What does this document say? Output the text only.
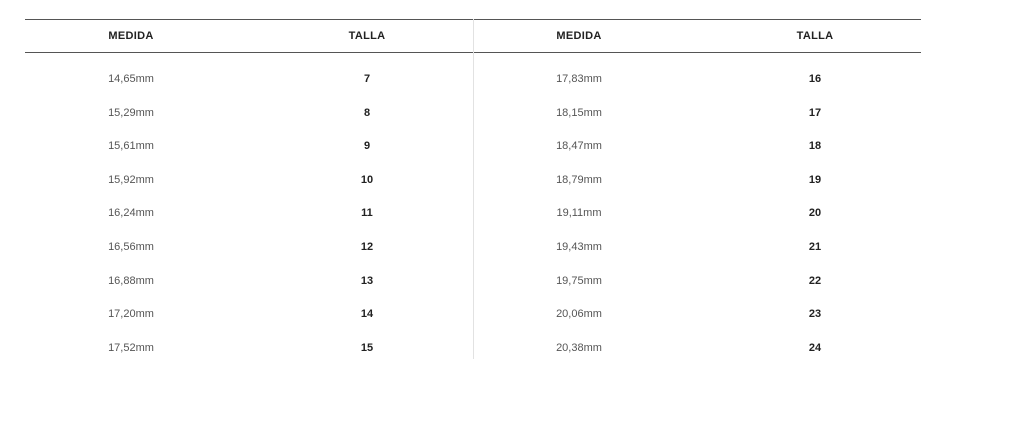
MEDIDA	TALLA	MEDIDA	TALLA
14,65mm	7	17,83mm	16
15,29mm	8	18,15mm	17
15,61mm	9	18,47mm	18
15,92mm	10	18,79mm	19
16,24mm	11	19,11mm	20
16,56mm	12	19,43mm	21
16,88mm	13	19,75mm	22
17,20mm	14	20,06mm	23
17,52mm	15	20,38mm	24
